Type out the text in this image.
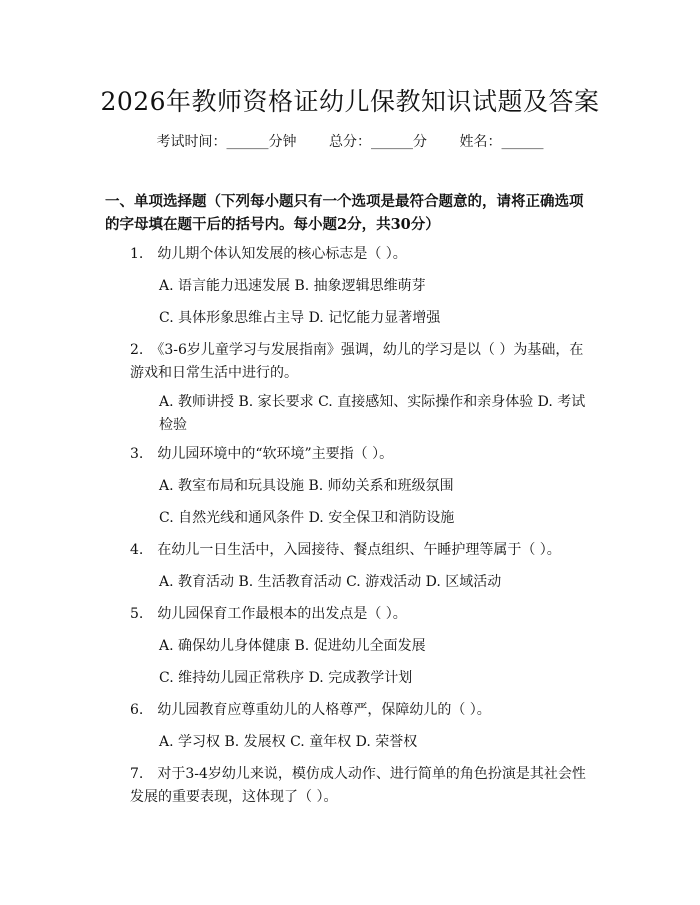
2026年教师资格证幼儿保教知识试题及答案
考试时间：______分钟 总分：______分 姓名：______
一、单项选择题（下列每小题只有一个选项是最符合题意的，请将正确选项的字母填在题干后的括号内。每小题2分，共30分）
1.　幼儿期个体认知发展的核心标志是（ ）。
A. 语言能力迅速发展 B. 抽象逻辑思维萌芽
C. 具体形象思维占主导 D. 记忆能力显著增强
2.　《3-6岁儿童学习与发展指南》强调，幼儿的学习是以（ ）为基础，在游戏和日常生活中进行的。
A. 教师讲授 B. 家长要求 C. 直接感知、实际操作和亲身体验 D. 考试检验
3.　幼儿园环境中的“软环境”主要指（ ）。
A. 教室布局和玩具设施 B. 师幼关系和班级氛围
C. 自然光线和通风条件 D. 安全保卫和消防设施
4.　在幼儿一日生活中，入园接待、餐点组织、午睡护理等属于（ ）。
A. 教育活动 B. 生活教育活动 C. 游戏活动 D. 区域活动
5.　幼儿园保育工作最根本的出发点是（ ）。
A. 确保幼儿身体健康 B. 促进幼儿全面发展
C. 维持幼儿园正常秩序 D. 完成教学计划
6.　幼儿园教育应尊重幼儿的人格尊严，保障幼儿的（ ）。
A. 学习权 B. 发展权 C. 童年权 D. 荣誉权
7.　对于3-4岁幼儿来说，模仿成人动作、进行简单的角色扮演是其社会性发展的重要表现，这体现了（ ）。
